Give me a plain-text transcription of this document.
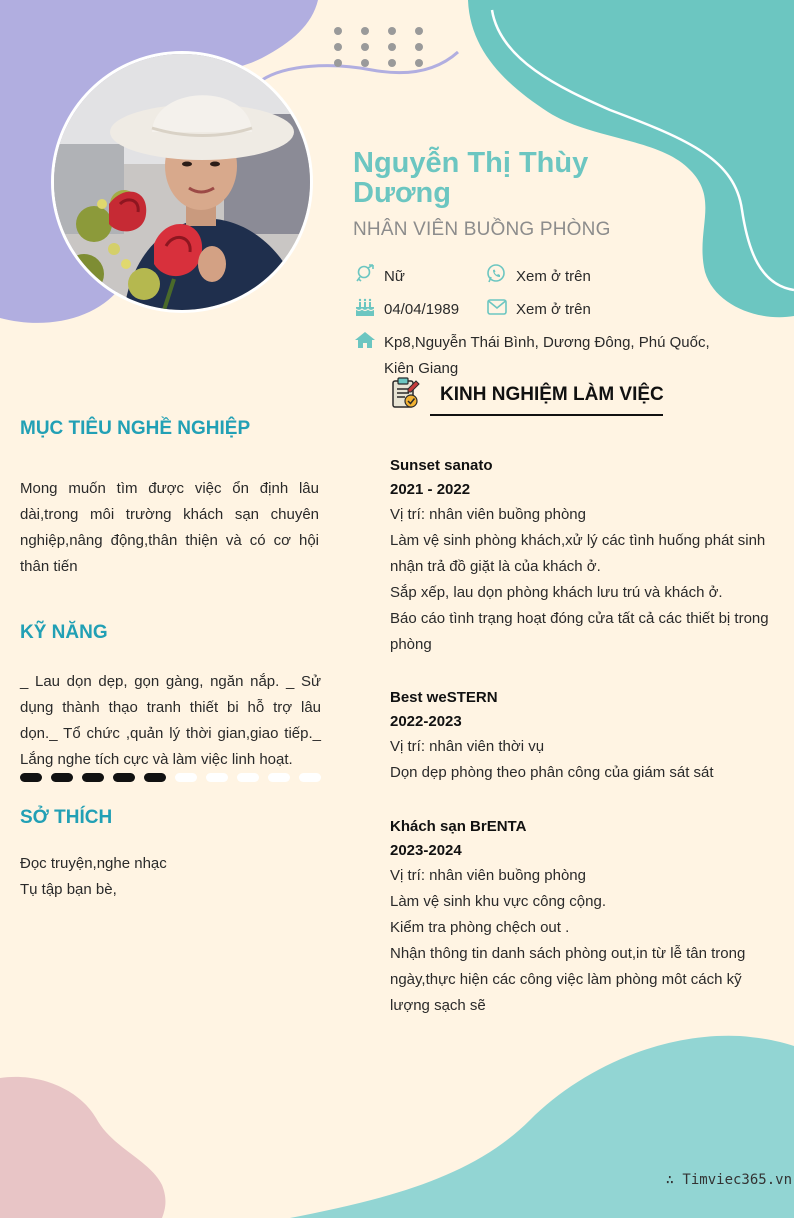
Nguyễn Thị Thùy Dương
NHÂN VIÊN BUỒNG PHÒNG
Nữ	Xem ở trên
04/04/1989	Xem ở trên
Kp8,Nguyễn Thái Bình, Dương Đông, Phú Quốc, Kiên Giang
KINH NGHIỆM LÀM VIỆC
MỤC TIÊU NGHỀ NGHIỆP
Mong muốn tìm được việc ổn định lâu dài,trong môi trường khách sạn chuyên nghiệp,nâng động,thân thiện và có cơ hội thân tiến
KỸ NĂNG
_ Lau dọn dẹp, gọn gàng, ngăn nắp. _ Sử dụng thành thạo tranh thiết bi hỗ trợ lâu dọn._ Tổ chức ,quản lý thời gian,giao tiếp._ Lắng nghe tích cực và làm việc linh hoạt.
SỞ THÍCH
Đọc truyện,nghe nhạc
Tụ tập bạn bè,
Sunset sanato
2021 - 2022
Vị trí: nhân viên buồng phòng
Làm vệ sinh phòng khách,xử lý các tình huống phát sinh nhận trả đồ giặt là của khách ở.
Sắp xếp, lau dọn phòng khách lưu trú và khách ở.
Báo cáo tình trạng hoạt đóng cửa tất cả các thiết bị trong phòng
Best weSTERN
2022-2023
Vị trí: nhân viên thời vụ
Dọn dẹp phòng theo phân công của giám sát sát
Khách sạn BrENTA
2023-2024
Vị trí: nhân viên buồng phòng
Làm vệ sinh khu vực công cộng.
Kiểm tra phòng chệch out .
Nhận thông tin danh sách phòng out,in từ lễ tân trong ngày,thực hiện các công việc làm phòng môt cách kỹ lượng sạch sẽ
∴ Timviec365.vn
